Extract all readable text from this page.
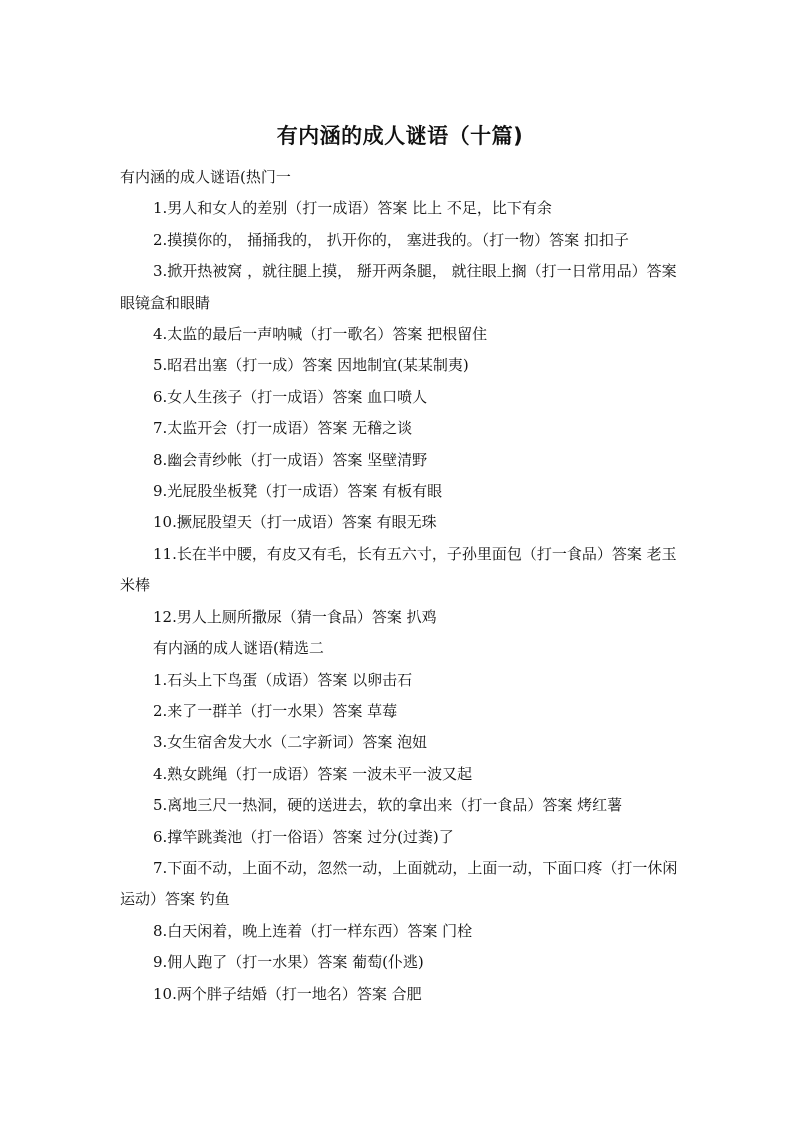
有内涵的成人谜语（十篇)

有内涵的成人谜语(热门一

1.男人和女人的差别（打一成语）答案 比上 不足，比下有余

2.摸摸你的， 捅捅我的， 扒开你的， 塞进我的。（打一物）答案 扣扣子

3.掀开热被窝 ，就往腿上摸， 掰开两条腿， 就往眼上搁（打一日常用品）答案 眼镜盒和眼睛

4.太监的最后一声呐喊（打一歌名）答案 把根留住

5.昭君出塞（打一成）答案 因地制宜(某某制夷)

6.女人生孩子（打一成语）答案 血口喷人

7.太监开会（打一成语）答案 无稽之谈

8.幽会青纱帐（打一成语）答案 坚壁清野

9.光屁股坐板凳（打一成语）答案 有板有眼

10.撅屁股望天（打一成语）答案 有眼无珠

11.长在半中腰，有皮又有毛，长有五六寸，子孙里面包（打一食品）答案 老玉米棒

12.男人上厕所撒尿（猜一食品）答案 扒鸡

有内涵的成人谜语(精选二

1.石头上下鸟蛋（成语）答案 以卵击石

2.来了一群羊（打一水果）答案 草莓

3.女生宿舍发大水（二字新词）答案 泡妞

4.熟女跳绳（打一成语）答案 一波未平一波又起

5.离地三尺一热洞，硬的送进去，软的拿出来（打一食品）答案 烤红薯

6.撑竿跳粪池（打一俗语）答案 过分(过粪)了

7.下面不动，上面不动，忽然一动，上面就动，上面一动，下面口疼（打一休闲运动）答案 钓鱼

8.白天闲着，晚上连着（打一样东西）答案 门栓

9.佣人跑了（打一水果）答案 葡萄(仆逃)

10.两个胖子结婚（打一地名）答案 合肥
